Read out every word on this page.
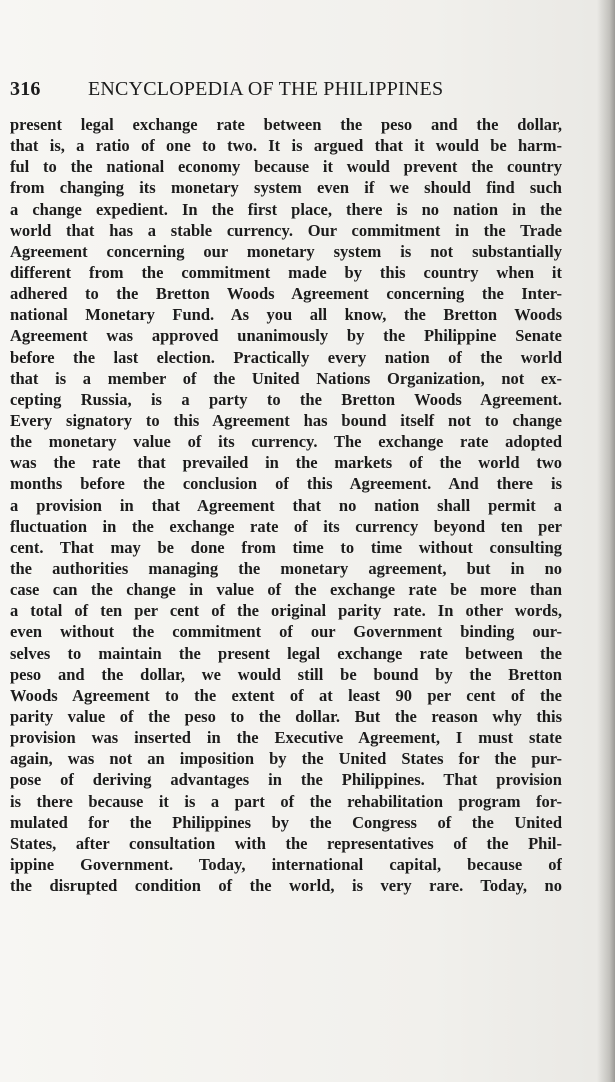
316 ENCYCLOPEDIA OF THE PHILIPPINES
present legal exchange rate between the peso and the dollar,
that is, a ratio of one to two. It is argued that it would be harm-
ful to the national economy because it would prevent the country
from changing its monetary system even if we should find such
a change expedient. In the first place, there is no nation in the
world that has a stable currency. Our commitment in the Trade
Agreement concerning our monetary system is not substantially
different from the commitment made by this country when it
adhered to the Bretton Woods Agreement concerning the Inter-
national Monetary Fund. As you all know, the Bretton Woods
Agreement was approved unanimously by the Philippine Senate
before the last election. Practically every nation of the world
that is a member of the United Nations Organization, not ex-
cepting Russia, is a party to the Bretton Woods Agreement.
Every signatory to this Agreement has bound itself not to change
the monetary value of its currency. The exchange rate adopted
was the rate that prevailed in the markets of the world two
months before the conclusion of this Agreement. And there is
a provision in that Agreement that no nation shall permit a
fluctuation in the exchange rate of its currency beyond ten per
cent. That may be done from time to time without consulting
the authorities managing the monetary agreement, but in no
case can the change in value of the exchange rate be more than
a total of ten per cent of the original parity rate. In other words,
even without the commitment of our Government binding our-
selves to maintain the present legal exchange rate between the
peso and the dollar, we would still be bound by the Bretton
Woods Agreement to the extent of at least 90 per cent of the
parity value of the peso to the dollar. But the reason why this
provision was inserted in the Executive Agreement, I must state
again, was not an imposition by the United States for the pur-
pose of deriving advantages in the Philippines. That provision
is there because it is a part of the rehabilitation program for-
mulated for the Philippines by the Congress of the United
States, after consultation with the representatives of the Phil-
ippine Government. Today, international capital, because of
the disrupted condition of the world, is very rare. Today, no
